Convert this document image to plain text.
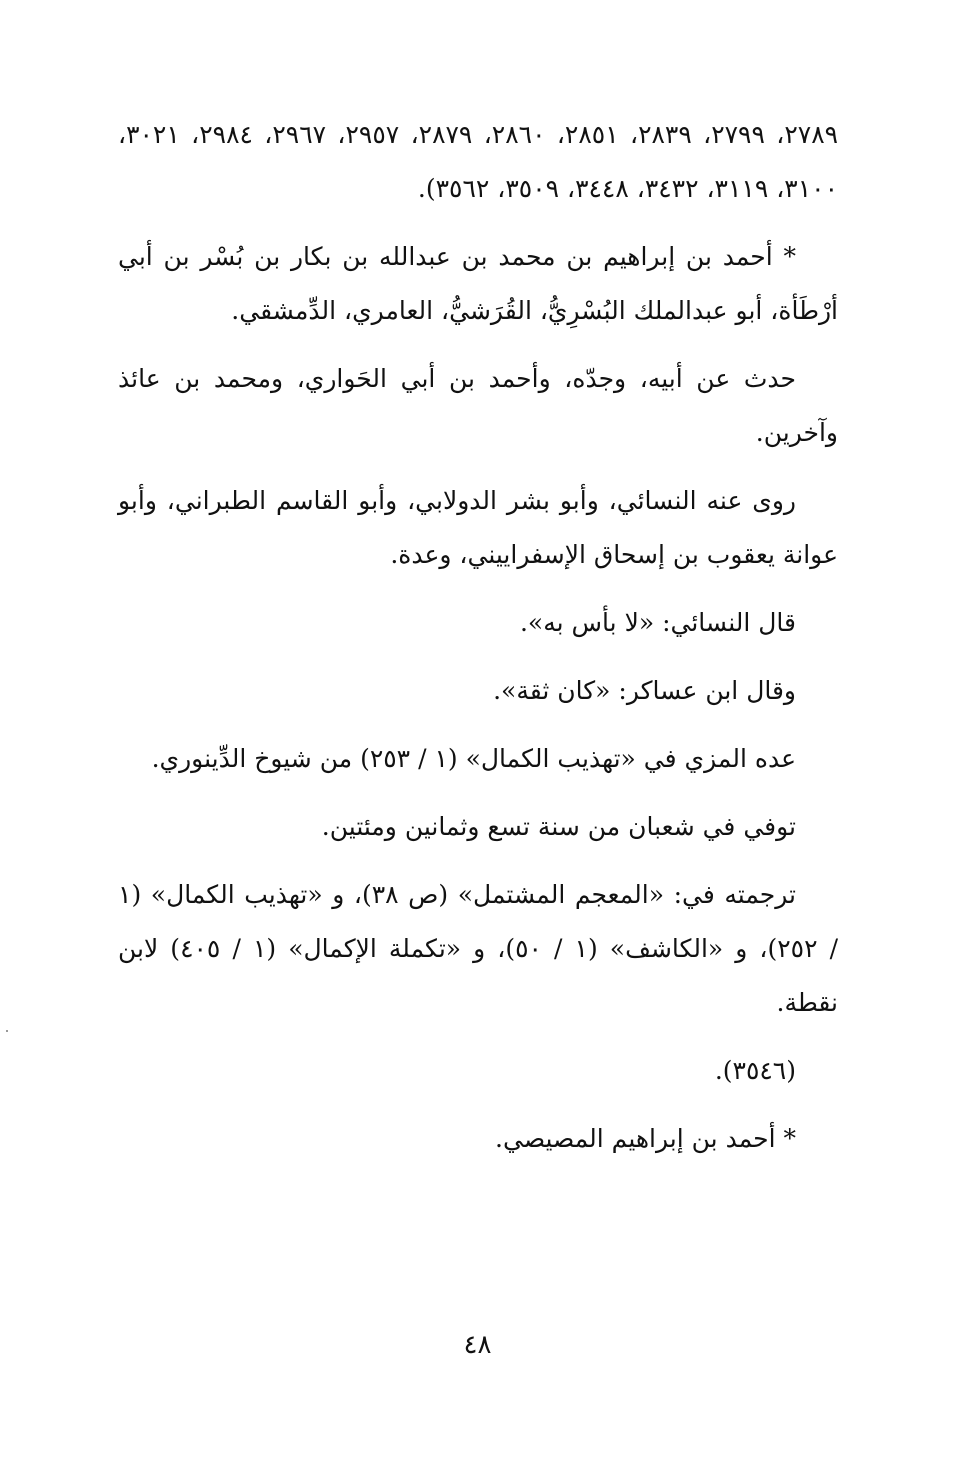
٢٧٨٩، ٢٧٩٩، ٢٨٣٩، ٢٨٥١، ٢٨٦٠، ٢٨٧٩، ٢٩٥٧، ٢٩٦٧، ٢٩٨٤، ٣٠٢١، ٣١٠٠، ٣١١٩، ٣٤٣٢، ٣٤٤٨، ٣٥٠٩، ٣٥٦٢).

* أحمد بن إبراهيم بن محمد بن عبدالله بن بكار بن بُسْر بن أبي أرْطَأة، أبو عبدالملك البُسْرِيُّ، القُرَشيُّ، العامري، الدِّمشقي.

حدث عن أبيه، وجدّه، وأحمد بن أبي الحَواري، ومحمد بن عائذ وآخرين.

روى عنه النسائي، وأبو بشر الدولابي، وأبو القاسم الطبراني، وأبو عوانة يعقوب بن إسحاق الإسفراييني، وعدة.

قال النسائي: «لا بأس به».

وقال ابن عساكر: «كان ثقة».

عده المزي في «تهذيب الكمال» (١ / ٢٥٣) من شيوخ الدِّينوري.

توفي في شعبان من سنة تسع وثمانين ومئتين.

ترجمته في: «المعجم المشتمل» (ص ٣٨)، و «تهذيب الكمال» (١ / ٢٥٢)، و «الكاشف» (١ / ٥٠)، و «تكملة الإكمال» (١ / ٤٠٥) لابن نقطة.

(٣٥٤٦).

* أحمد بن إبراهيم المصيصي.

٤٨
